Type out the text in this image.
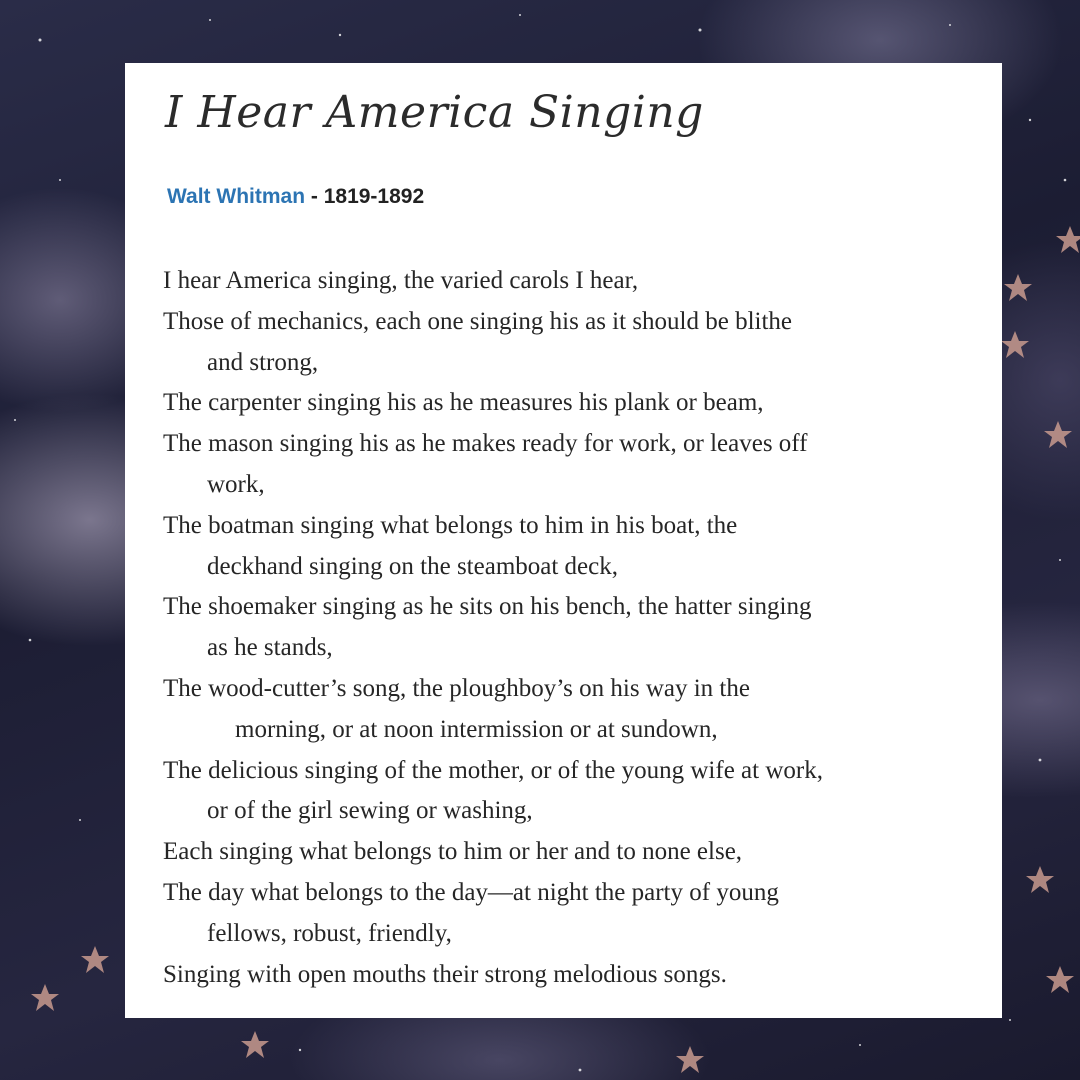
I Hear America Singing
Walt Whitman - 1819-1892
I hear America singing, the varied carols I hear,
Those of mechanics, each one singing his as it should be blithe
and strong,
The carpenter singing his as he measures his plank or beam,
The mason singing his as he makes ready for work, or leaves off
work,
The boatman singing what belongs to him in his boat, the
deckhand singing on the steamboat deck,
The shoemaker singing as he sits on his bench, the hatter singing
as he stands,
The wood-cutter’s song, the ploughboy’s on his way in the
morning, or at noon intermission or at sundown,
The delicious singing of the mother, or of the young wife at work,
or of the girl sewing or washing,
Each singing what belongs to him or her and to none else,
The day what belongs to the day—at night the party of young
fellows, robust, friendly,
Singing with open mouths their strong melodious songs.
